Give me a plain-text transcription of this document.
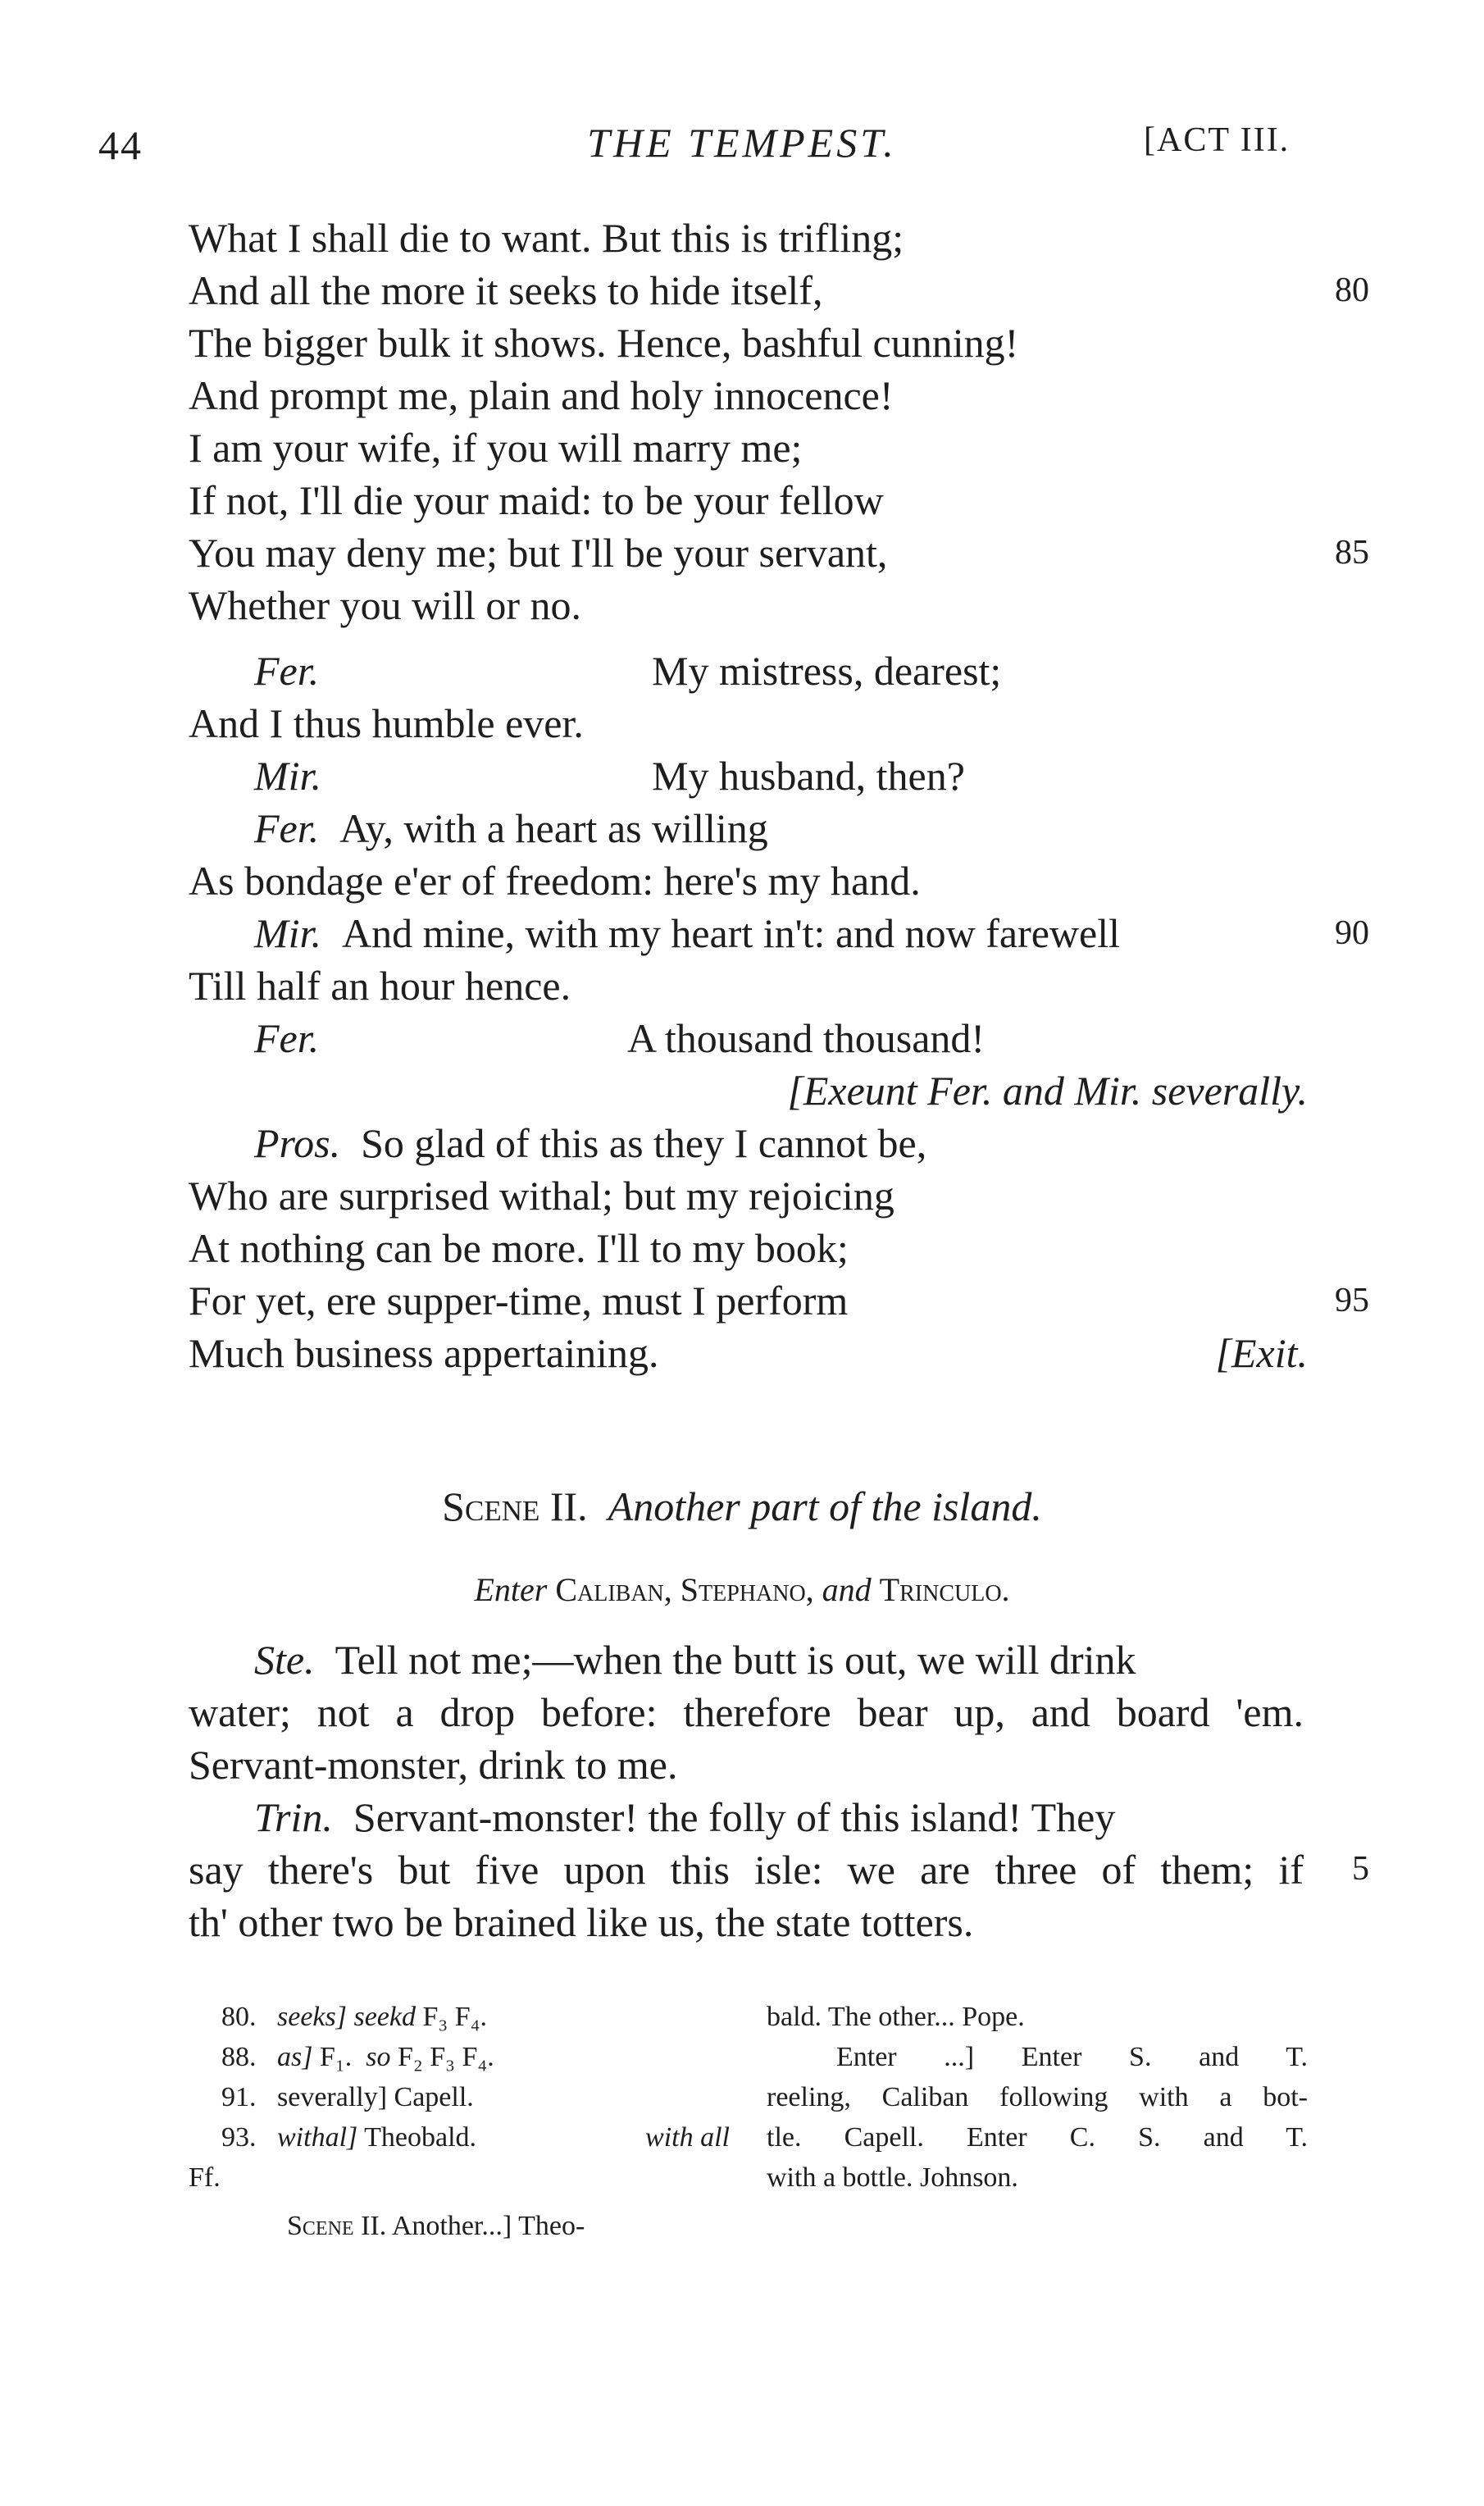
44	THE TEMPEST.	[ACT III.
What I shall die to want. But this is trifling;
And all the more it seeks to hide itself,	80
The bigger bulk it shows. Hence, bashful cunning!
And prompt me, plain and holy innocence!
I am your wife, if you will marry me;
If not, I'll die your maid: to be your fellow
You may deny me; but I'll be your servant,	85
Whether you will or no.
Fer.	My mistress, dearest;
And I thus humble ever.
Mir.	My husband, then?
Fer. Ay, with a heart as willing
As bondage e'er of freedom: here's my hand.
Mir. And mine, with my heart in't: and now farewell	90
Till half an hour hence.
Fer.	A thousand thousand!
[Exeunt Fer. and Mir. severally.
Pros. So glad of this as they I cannot be,
Who are surprised withal; but my rejoicing
At nothing can be more. I'll to my book;
For yet, ere supper-time, must I perform	95
Much business appertaining.	[Exit.
Scene II. Another part of the island.
Enter Caliban, Stephano, and Trinculo.
Ste. Tell not me;—when the butt is out, we will drink
water; not a drop before: therefore bear up, and board 'em.
Servant-monster, drink to me.
Trin. Servant-monster! the folly of this island! They
say there's but five upon this isle: we are three of them; if 5
th' other two be brained like us, the state totters.
80. seeks] seekd F₃ F₄.
88. as] F₁. so F₂ F₃ F₄.
91. severally] Capell.
93. withal] Theobald.	with all
Ff.
Scene II. Another...] Theo-
bald. The other... Pope.
Enter ...] Enter S. and T.
reeling, Caliban following with a bot-
tle. Capell. Enter C. S. and T.
with a bottle. Johnson.
